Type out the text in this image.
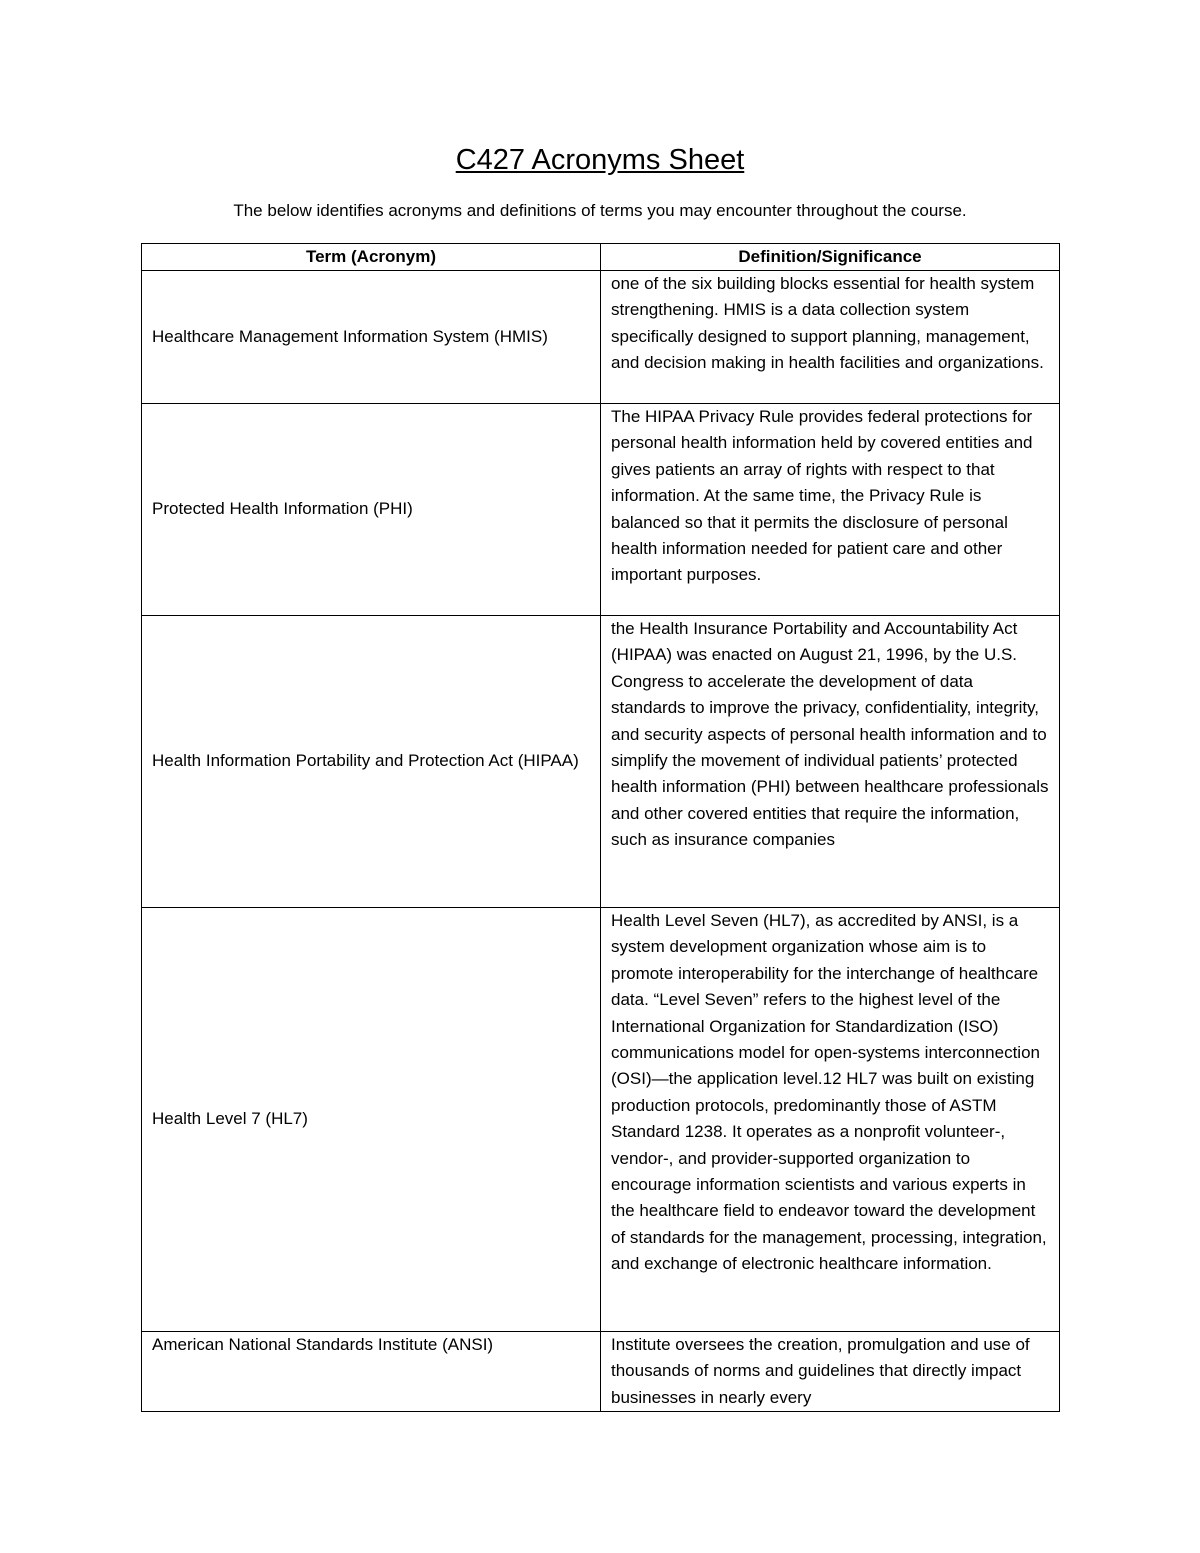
C427 Acronyms Sheet
The below identifies acronyms and definitions of terms you may encounter throughout the course.
Term (Acronym)	Definition/Significance
Healthcare Management Information System (HMIS)	one of the six building blocks essential for health system strengthening. HMIS is a data collection system specifically designed to support planning, management, and decision making in health facilities and organizations.
Protected Health Information (PHI)	The HIPAA Privacy Rule provides federal protections for personal health information held by covered entities and gives patients an array of rights with respect to that information. At the same time, the Privacy Rule is balanced so that it permits the disclosure of personal health information needed for patient care and other important purposes.
Health Information Portability and Protection Act (HIPAA)	the Health Insurance Portability and Accountability Act (HIPAA) was enacted on August 21, 1996, by the U.S. Congress to accelerate the development of data standards to improve the privacy, confidentiality, integrity, and security aspects of personal health information and to simplify the movement of individual patients’ protected health information (PHI) between healthcare professionals and other covered entities that require the information, such as insurance companies
Health Level 7 (HL7)	Health Level Seven (HL7), as accredited by ANSI, is a system development organization whose aim is to promote interoperability for the interchange of healthcare data. “Level Seven” refers to the highest level of the International Organization for Standardization (ISO) communications model for open-systems interconnection (OSI)—the application level.12 HL7 was built on existing production protocols, predominantly those of ASTM Standard 1238. It operates as a nonprofit volunteer-, vendor-, and provider-supported organization to encourage information scientists and various experts in the healthcare field to endeavor toward the development of standards for the management, processing, integration, and exchange of electronic healthcare information.
American National Standards Institute (ANSI)	Institute oversees the creation, promulgation and use of thousands of norms and guidelines that directly impact businesses in nearly every
